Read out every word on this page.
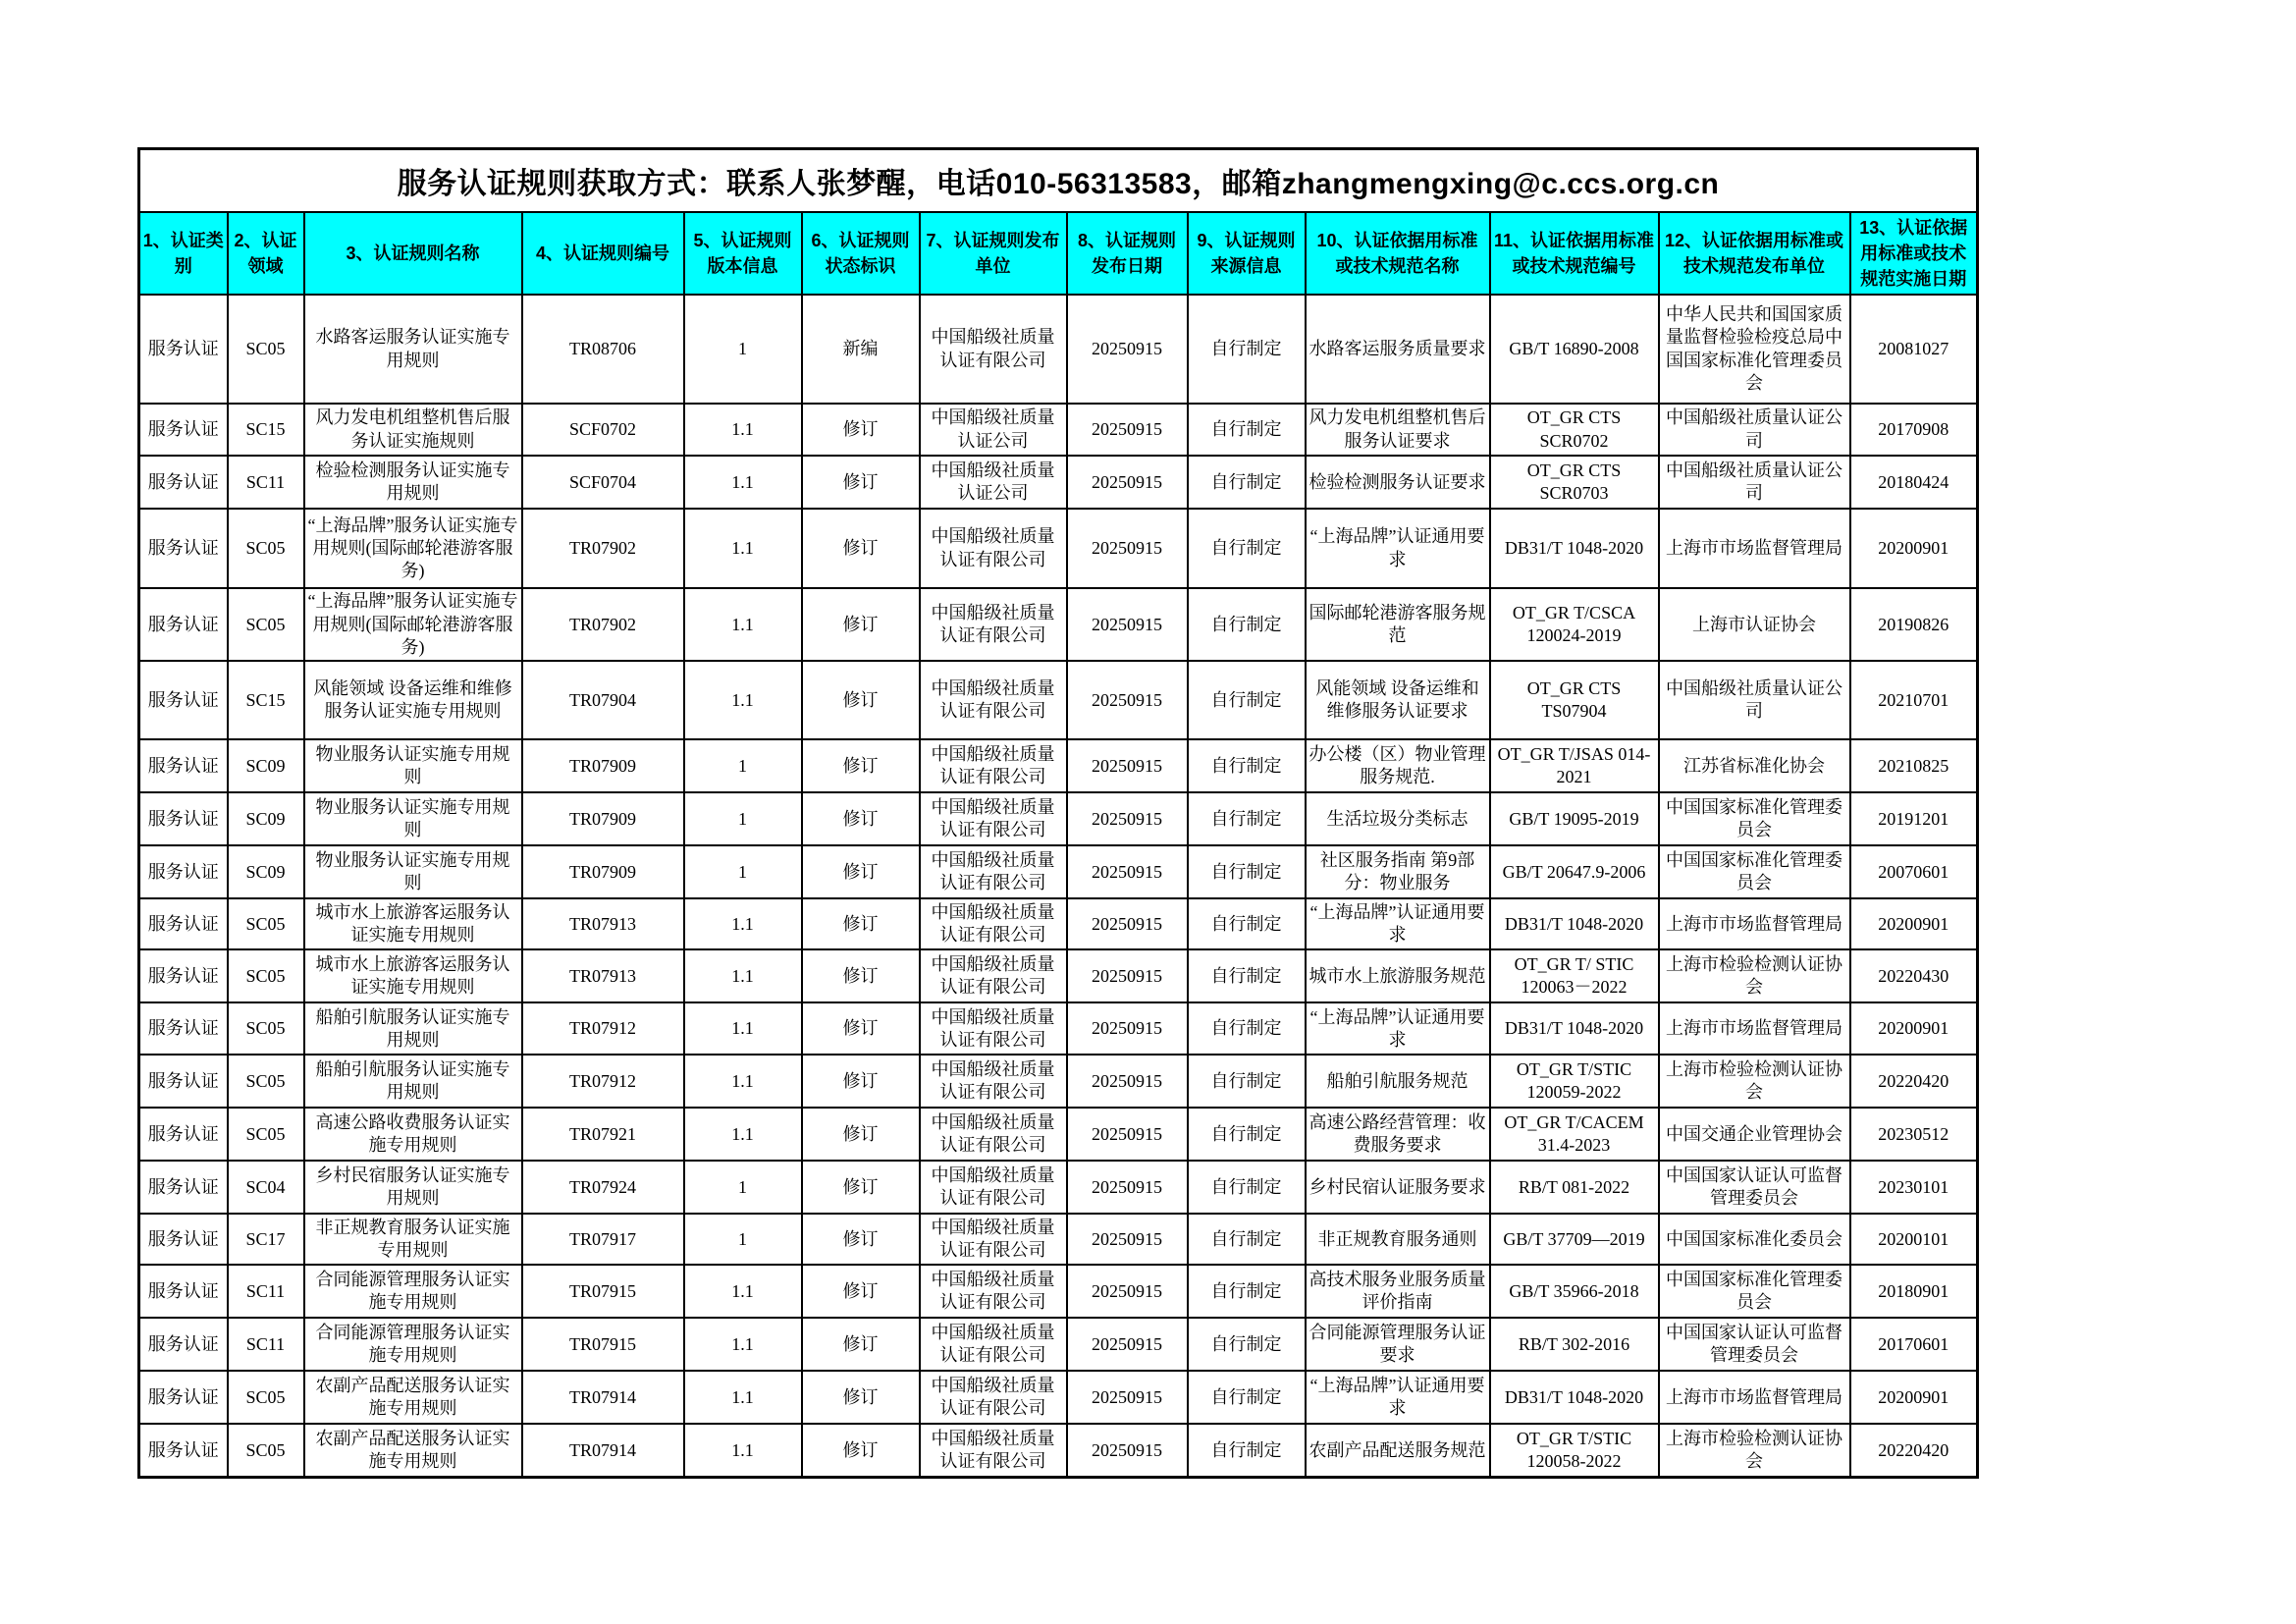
服务认证规则获取方式：联系人张梦醒，电话010-56313583，邮箱zhangmengxing@c.ccs.org.cn												
1、认证类别	2、认证领域	3、认证规则名称	4、认证规则编号	5、认证规则版本信息	6、认证规则状态标识	7、认证规则发布单位	8、认证规则发布日期	9、认证规则来源信息	10、认证依据用标准或技术规范名称	11、认证依据用标准或技术规范编号	12、认证依据用标准或技术规范发布单位	13、认证依据用标准或技术规范实施日期
服务认证	SC05	水路客运服务认证实施专用规则	TR08706	1	新编	中国船级社质量认证有限公司	20250915	自行制定	水路客运服务质量要求	GB/T 16890-2008	中华人民共和国国家质量监督检验检疫总局中国国家标准化管理委员会	20081027
服务认证	SC15	风力发电机组整机售后服务认证实施规则	SCF0702	1.1	修订	中国船级社质量认证公司	20250915	自行制定	风力发电机组整机售后服务认证要求	OT_GR CTS SCR0702	中国船级社质量认证公司	20170908
服务认证	SC11	检验检测服务认证实施专用规则	SCF0704	1.1	修订	中国船级社质量认证公司	20250915	自行制定	检验检测服务认证要求	OT_GR CTS SCR0703	中国船级社质量认证公司	20180424
服务认证	SC05	“上海品牌”服务认证实施专用规则(国际邮轮港游客服务)	TR07902	1.1	修订	中国船级社质量认证有限公司	20250915	自行制定	“上海品牌”认证通用要求	DB31/T 1048-2020	上海市市场监督管理局	20200901
服务认证	SC05	“上海品牌”服务认证实施专用规则(国际邮轮港游客服务)	TR07902	1.1	修订	中国船级社质量认证有限公司	20250915	自行制定	国际邮轮港游客服务规范	OT_GR T/CSCA 120024-2019	上海市认证协会	20190826
服务认证	SC15	风能领域 设备运维和维修服务认证实施专用规则	TR07904	1.1	修订	中国船级社质量认证有限公司	20250915	自行制定	风能领域 设备运维和维修服务认证要求	OT_GR CTS TS07904	中国船级社质量认证公司	20210701
服务认证	SC09	物业服务认证实施专用规则	TR07909	1	修订	中国船级社质量认证有限公司	20250915	自行制定	办公楼（区）物业管理服务规范.	OT_GR T/JSAS 014-2021	江苏省标准化协会	20210825
服务认证	SC09	物业服务认证实施专用规则	TR07909	1	修订	中国船级社质量认证有限公司	20250915	自行制定	生活垃圾分类标志	GB/T 19095-2019	中国国家标准化管理委员会	20191201
服务认证	SC09	物业服务认证实施专用规则	TR07909	1	修订	中国船级社质量认证有限公司	20250915	自行制定	社区服务指南 第9部分：物业服务	GB/T 20647.9-2006	中国国家标准化管理委员会	20070601
服务认证	SC05	城市水上旅游客运服务认证实施专用规则	TR07913	1.1	修订	中国船级社质量认证有限公司	20250915	自行制定	“上海品牌”认证通用要求	DB31/T 1048-2020	上海市市场监督管理局	20200901
服务认证	SC05	城市水上旅游客运服务认证实施专用规则	TR07913	1.1	修订	中国船级社质量认证有限公司	20250915	自行制定	城市水上旅游服务规范	OT_GR T/ STIC 120063－2022	上海市检验检测认证协会	20220430
服务认证	SC05	船舶引航服务认证实施专用规则	TR07912	1.1	修订	中国船级社质量认证有限公司	20250915	自行制定	“上海品牌”认证通用要求	DB31/T 1048-2020	上海市市场监督管理局	20200901
服务认证	SC05	船舶引航服务认证实施专用规则	TR07912	1.1	修订	中国船级社质量认证有限公司	20250915	自行制定	船舶引航服务规范	OT_GR T/STIC 120059-2022	上海市检验检测认证协会	20220420
服务认证	SC05	高速公路收费服务认证实施专用规则	TR07921	1.1	修订	中国船级社质量认证有限公司	20250915	自行制定	高速公路经营管理：收费服务要求	OT_GR T/CACEM 31.4-2023	中国交通企业管理协会	20230512
服务认证	SC04	乡村民宿服务认证实施专用规则	TR07924	1	修订	中国船级社质量认证有限公司	20250915	自行制定	乡村民宿认证服务要求	RB/T 081-2022	中国国家认证认可监督管理委员会	20230101
服务认证	SC17	非正规教育服务认证实施专用规则	TR07917	1	修订	中国船级社质量认证有限公司	20250915	自行制定	非正规教育服务通则	GB/T 37709—2019	中国国家标准化委员会	20200101
服务认证	SC11	合同能源管理服务认证实施专用规则	TR07915	1.1	修订	中国船级社质量认证有限公司	20250915	自行制定	高技术服务业服务质量评价指南	GB/T 35966-2018	中国国家标准化管理委员会	20180901
服务认证	SC11	合同能源管理服务认证实施专用规则	TR07915	1.1	修订	中国船级社质量认证有限公司	20250915	自行制定	合同能源管理服务认证要求	RB/T 302-2016	中国国家认证认可监督管理委员会	20170601
服务认证	SC05	农副产品配送服务认证实施专用规则	TR07914	1.1	修订	中国船级社质量认证有限公司	20250915	自行制定	“上海品牌”认证通用要求	DB31/T 1048-2020	上海市市场监督管理局	20200901
服务认证	SC05	农副产品配送服务认证实施专用规则	TR07914	1.1	修订	中国船级社质量认证有限公司	20250915	自行制定	农副产品配送服务规范	OT_GR T/STIC 120058-2022	上海市检验检测认证协会	20220420
